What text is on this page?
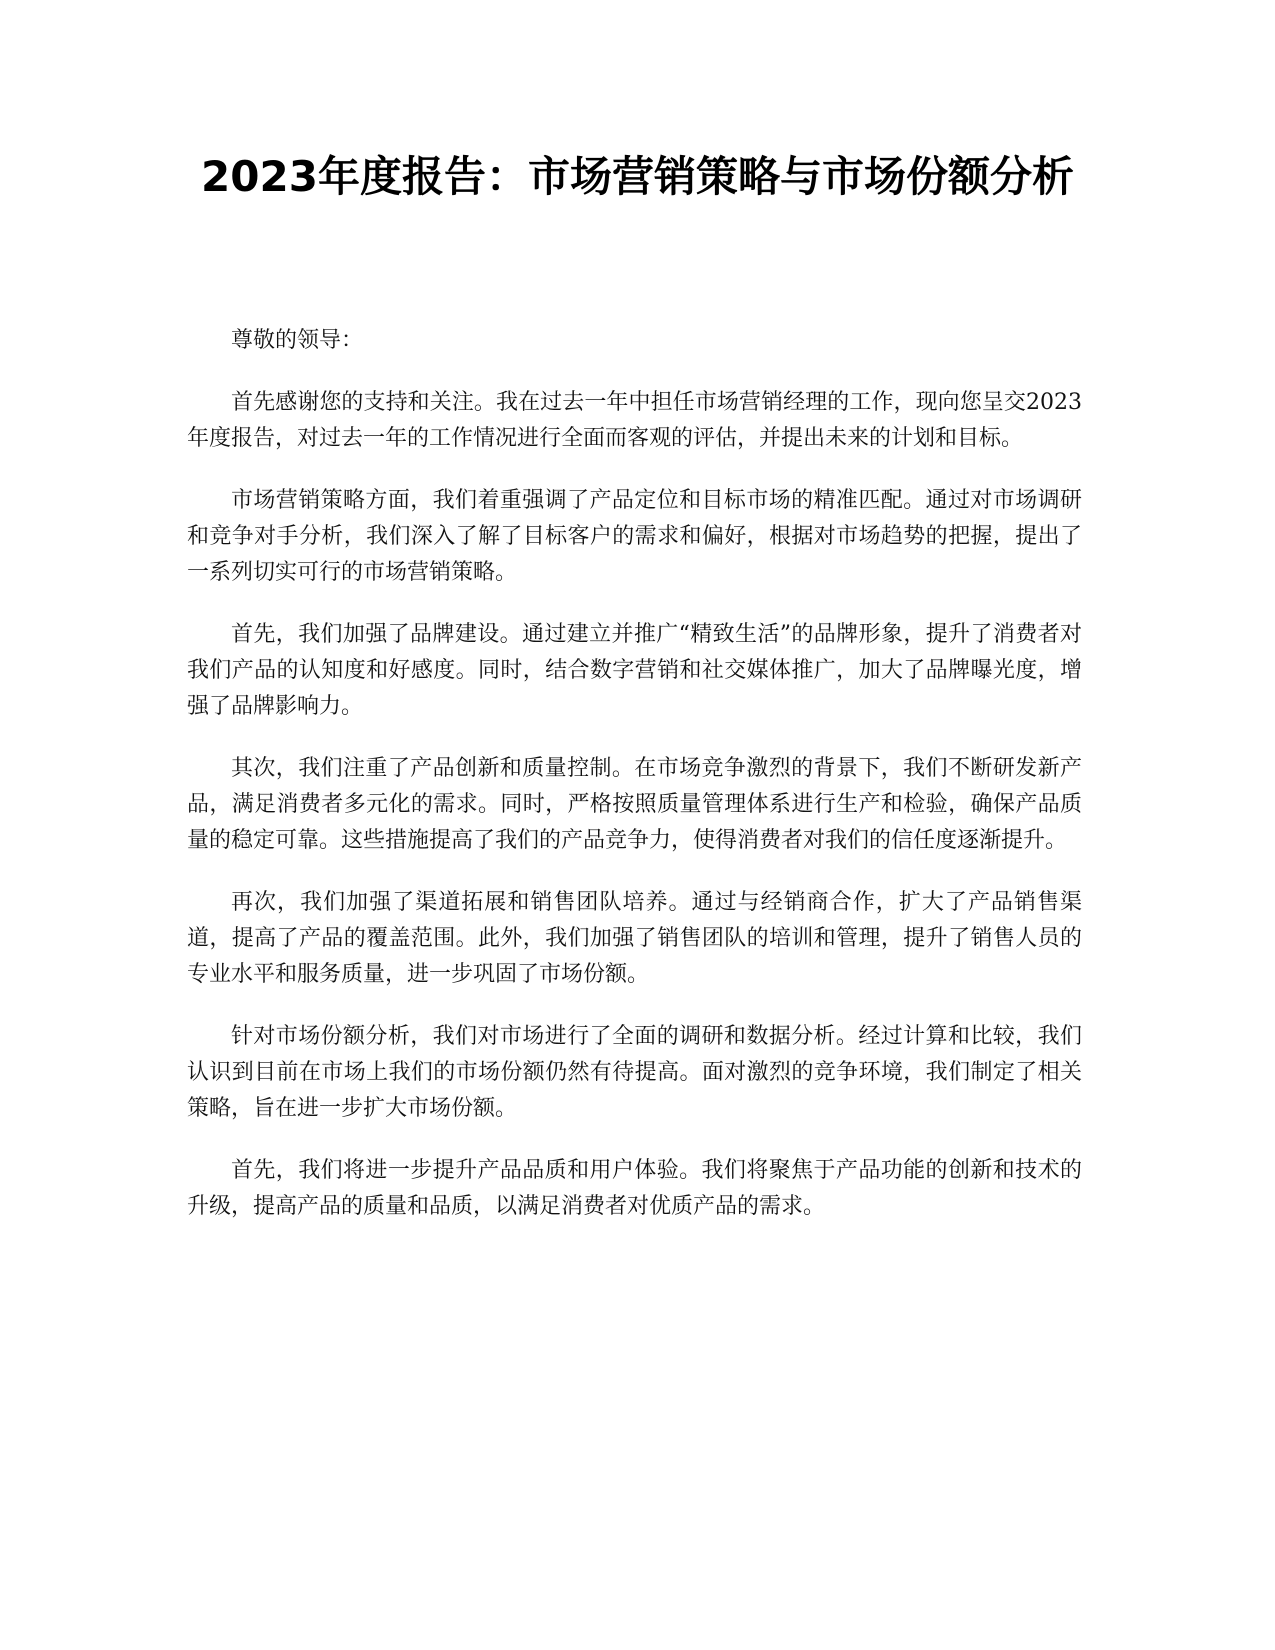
2023年度报告：市场营销策略与市场份额分析

尊敬的领导：

首先感谢您的支持和关注。我在过去一年中担任市场营销经理的工作，现向您呈交2023年度报告，对过去一年的工作情况进行全面而客观的评估，并提出未来的计划和目标。

市场营销策略方面，我们着重强调了产品定位和目标市场的精准匹配。通过对市场调研和竞争对手分析，我们深入了解了目标客户的需求和偏好，根据对市场趋势的把握，提出了一系列切实可行的市场营销策略。

首先，我们加强了品牌建设。通过建立并推广“精致生活”的品牌形象，提升了消费者对我们产品的认知度和好感度。同时，结合数字营销和社交媒体推广，加大了品牌曝光度，增强了品牌影响力。

其次，我们注重了产品创新和质量控制。在市场竞争激烈的背景下，我们不断研发新产品，满足消费者多元化的需求。同时，严格按照质量管理体系进行生产和检验，确保产品质量的稳定可靠。这些措施提高了我们的产品竞争力，使得消费者对我们的信任度逐渐提升。

再次，我们加强了渠道拓展和销售团队培养。通过与经销商合作，扩大了产品销售渠道，提高了产品的覆盖范围。此外，我们加强了销售团队的培训和管理，提升了销售人员的专业水平和服务质量，进一步巩固了市场份额。

针对市场份额分析，我们对市场进行了全面的调研和数据分析。经过计算和比较，我们认识到目前在市场上我们的市场份额仍然有待提高。面对激烈的竞争环境，我们制定了相关策略，旨在进一步扩大市场份额。

首先，我们将进一步提升产品品质和用户体验。我们将聚焦于产品功能的创新和技术的升级，提高产品的质量和品质，以满足消费者对优质产品的需求。
